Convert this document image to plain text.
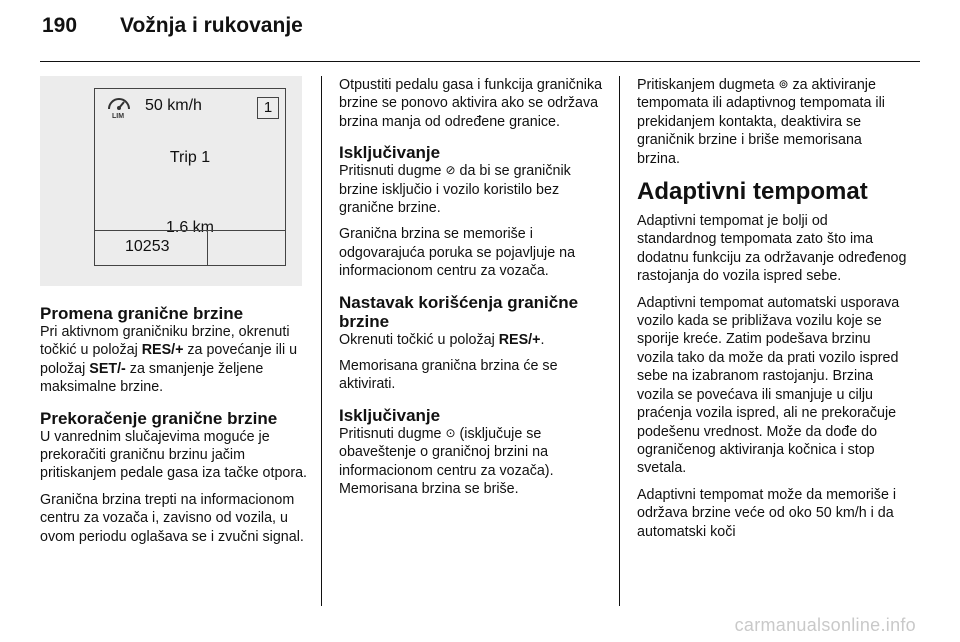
190	Vožnja i rukovanje
LIM
50 km/h	1
Trip 1
1.6 km
10253
Promena granične brzine

Pri aktivnom graničniku brzine, okrenuti točkić u položaj RES/+ za povećanje ili u položaj SET/- za smanjenje željene maksimalne brzine.

Prekoračenje granične brzine

U vanrednim slučajevima moguće je prekoračiti graničnu brzinu jačim pritiskanjem pedale gasa iza tačke otpora.

Granična brzina trepti na informacionom centru za vozača i, zavisno od vozila, u ovom periodu oglašava se i zvučni signal.

Otpustiti pedalu gasa i funkcija graničnika brzine se ponovo aktivira ako se održava brzina manja od određene granice.

Isključivanje

Pritisnuti dugme ⊘ da bi se graničnik brzine isključio i vozilo koristilo bez granične brzine.

Granična brzina se memoriše i odgovarajuća poruka se pojavljuje na informacionom centru za vozača.

Nastavak korišćenja granične brzine

Okrenuti točkić u položaj RES/+.

Memorisana granična brzina će se aktivirati.

Isključivanje

Pritisnuti dugme ⊙ (isključuje se obaveštenje o graničnoj brzini na informacionom centru za vozača). Memorisana brzina se briše.

Pritiskanjem dugmeta ⊚ za aktiviranje tempomata ili adaptivnog tempomata ili prekidanjem kontakta, deaktivira se graničnik brzine i briše memorisana brzina.

Adaptivni tempomat

Adaptivni tempomat je bolji od standardnog tempomata zato što ima dodatnu funkciju za održavanje određenog rastojanja do vozila ispred sebe.

Adaptivni tempomat automatski usporava vozilo kada se približava vozilu koje se sporije kreće. Zatim podešava brzinu vozila tako da može da prati vozilo ispred sebe na izabranom rastojanju. Brzina vozila se povećava ili smanjuje u cilju praćenja vozila ispred, ali ne prekoračuje podešenu vrednost. Može da dođe do ograničenog aktiviranja kočnica i stop svetala.

Adaptivni tempomat može da memoriše i održava brzine veće od oko 50 km/h i da automatski koči

carmanualsonline.info
